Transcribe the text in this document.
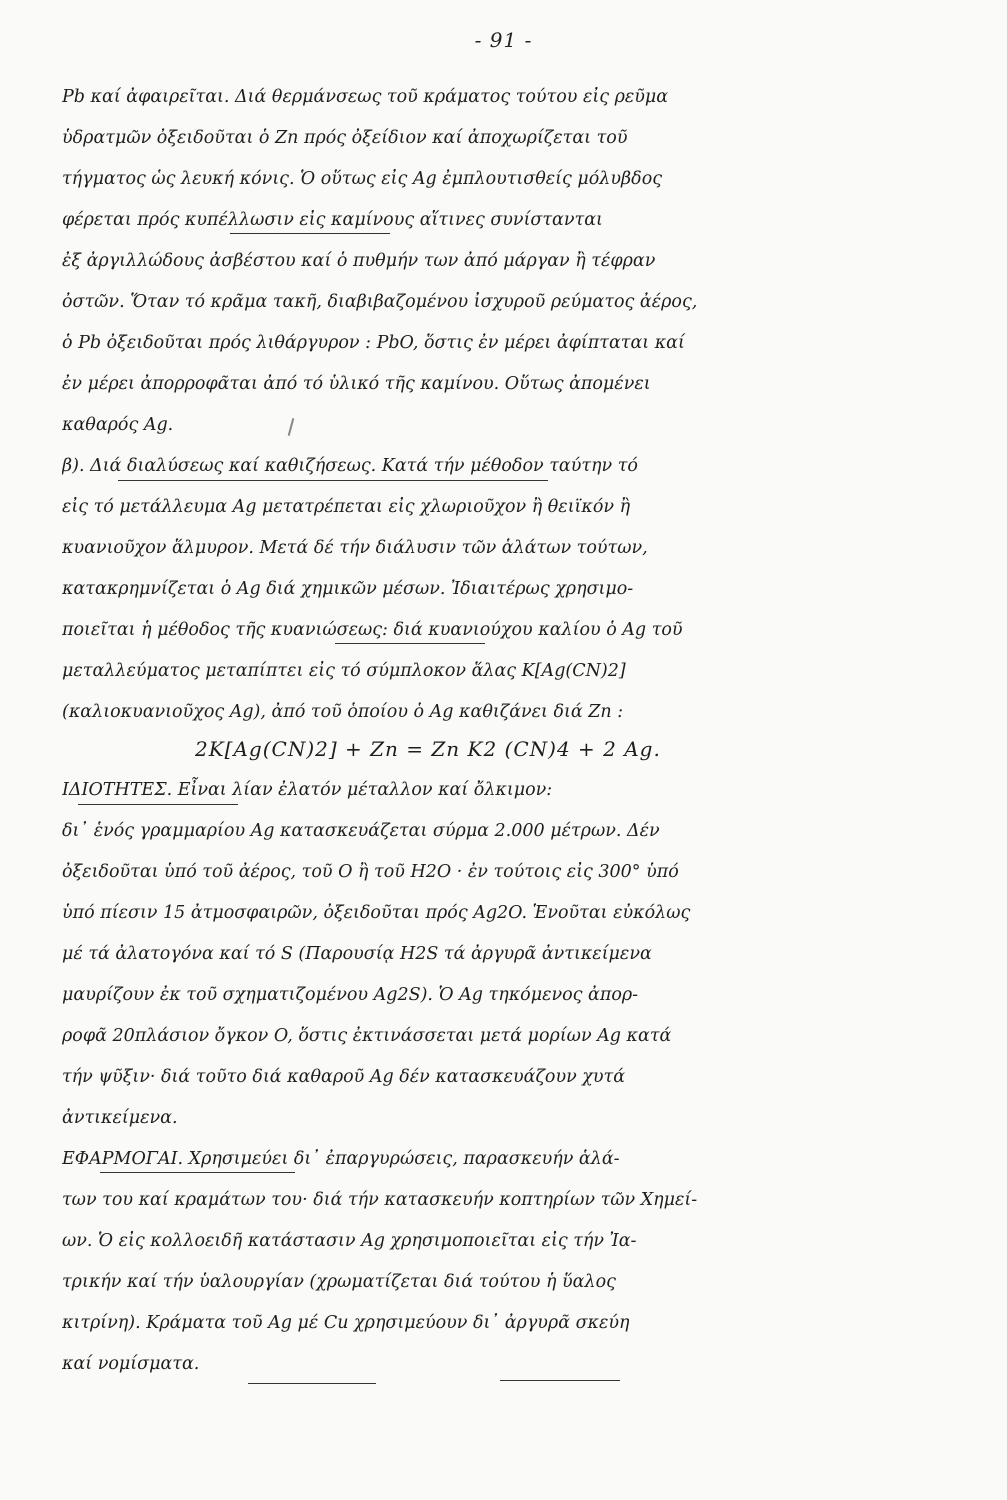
- 91 -
Pb καί ἀφαιρεῖται. Διά θερμάνσεως τοῦ κράματος τούτου εἰς ρεῦμα
ὑδρατμῶν ὀξειδοῦται ὁ Zn πρός ὀξείδιον καί ἀποχωρίζεται τοῦ
τήγματος ὡς λευκή κόνις. Ὁ οὕτως εἰς Ag ἐμπλουτισθείς μόλυβδος
φέρεται πρός κυπέλλωσιν εἰς καμίνους αἵτινες συνίστανται
ἐξ ἀργιλλώδους ἀσβέστου καί ὁ πυθμήν των ἀπό μάργαν ἢ τέφραν
ὀστῶν. Ὅταν τό κρᾶμα τακῆ, διαβιβαζομένου ἰσχυροῦ ρεύματος ἀέρος,
ὁ Pb ὀξειδοῦται πρός λιθάργυρον : PbO, ὅστις ἐν μέρει ἀφίπταται καί
ἐν μέρει ἀπορροφᾶται ἀπό τό ὑλικό τῆς καμίνου. Οὕτως ἀπομένει
καθαρός Ag.
β). Διά διαλύσεως καί καθιζήσεως. Κατά τήν μέθοδον ταύτην τό
εἰς τό μετάλλευμα Ag μετατρέπεται εἰς χλωριοῦχον ἢ θειϊκόν ἢ
κυανιοῦχον ἅλμυρον. Μετά δέ τήν διάλυσιν τῶν ἁλάτων τούτων,
κατακρημνίζεται ὁ Ag διά χημικῶν μέσων. Ἰδιαιτέρως χρησιμο-
ποιεῖται ἡ μέθοδος τῆς κυανιώσεως: διά κυανιούχου καλίου ὁ Ag τοῦ
μεταλλεύματος μεταπίπτει εἰς τό σύμπλοκον ἅλας K[Ag(CN)2]
(καλιοκυανιοῦχος Ag), ἀπό τοῦ ὁποίου ὁ Ag καθιζάνει διά Zn :
2K[Ag(CN)2] + Zn = Zn K2 (CN)4 + 2 Ag.
ΙΔΙΟΤΗΤΕΣ. Εἶναι λίαν ἐλατόν μέταλλον καί ὄλκιμον:
δι᾽ ἑνός γραμμαρίου Ag κατασκευάζεται σύρμα 2.000 μέτρων. Δέν
ὀξειδοῦται ὑπό τοῦ ἀέρος, τοῦ O ἢ τοῦ H2O · ἐν τούτοις εἰς 300° ὑπό
ὑπό πίεσιν 15 ἀτμοσφαιρῶν, ὀξειδοῦται πρός Ag2O. Ἑνοῦται εὐκόλως
μέ τά ἀλατογόνα καί τό S (Παρουσίᾳ H2S τά ἀργυρᾶ ἀντικείμενα
μαυρίζουν ἐκ τοῦ σχηματιζομένου Ag2S). Ὁ Ag τηκόμενος ἀπορ-
ροφᾶ 20πλάσιον ὄγκον O, ὅστις ἐκτινάσσεται μετά μορίων Ag κατά
τήν ψῦξιν· διά τοῦτο διά καθαροῦ Ag δέν κατασκευάζουν χυτά
ἀντικείμενα.
ΕΦΑΡΜΟΓΑΙ. Χρησιμεύει δι᾽ ἐπαργυρώσεις, παρασκευήν ἁλά-
των του καί κραμάτων του· διά τήν κατασκευήν κοπτηρίων τῶν Χημεί-
ων. Ὁ εἰς κολλοειδῆ κατάστασιν Ag χρησιμοποιεῖται εἰς τήν Ἰα-
τρικήν καί τήν ὑαλουργίαν (χρωματίζεται διά τούτου ἡ ὕαλος
κιτρίνη). Κράματα τοῦ Ag μέ Cu χρησιμεύουν δι᾽ ἀργυρᾶ σκεύη
καί νομίσματα.
